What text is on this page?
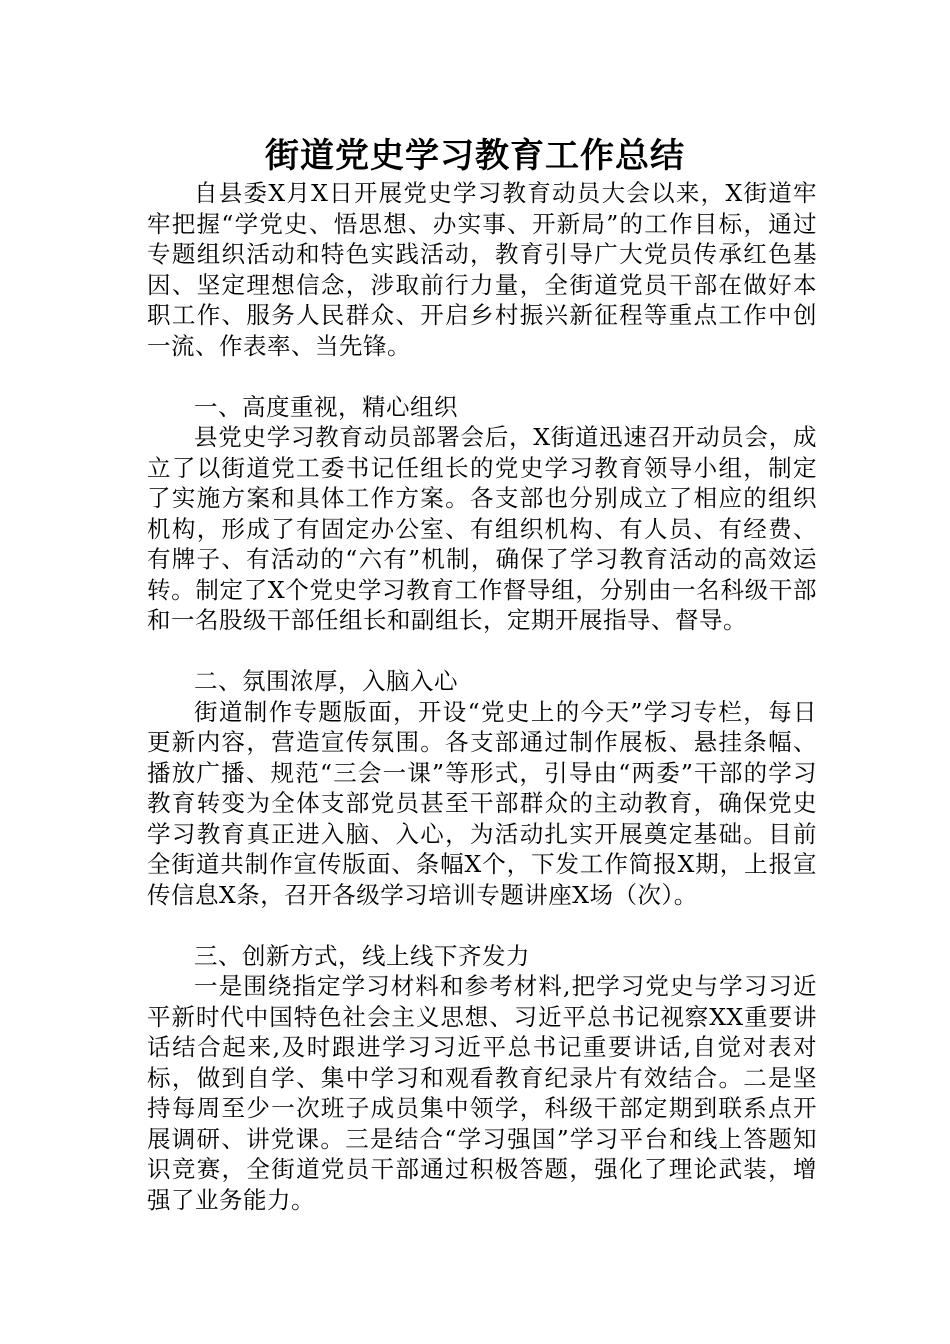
街道党史学习教育工作总结

自县委X月X日开展党史学习教育动员大会以来，X街道牢牢把握“学党史、悟思想、办实事、开新局”的工作目标，通过专题组织活动和特色实践活动，教育引导广大党员传承红色基因、坚定理想信念，涉取前行力量，全街道党员干部在做好本职工作、服务人民群众、开启乡村振兴新征程等重点工作中创一流、作表率、当先锋。

一、高度重视，精心组织

县党史学习教育动员部署会后，X街道迅速召开动员会，成立了以街道党工委书记任组长的党史学习教育领导小组，制定了实施方案和具体工作方案。各支部也分别成立了相应的组织机构，形成了有固定办公室、有组织机构、有人员、有经费、有牌子、有活动的“六有”机制，确保了学习教育活动的高效运转。制定了X个党史学习教育工作督导组，分别由一名科级干部和一名股级干部任组长和副组长，定期开展指导、督导。

二、氛围浓厚，入脑入心

街道制作专题版面，开设“党史上的今天”学习专栏，每日更新内容，营造宣传氛围。各支部通过制作展板、悬挂条幅、播放广播、规范“三会一课”等形式，引导由“两委”干部的学习教育转变为全体支部党员甚至干部群众的主动教育，确保党史学习教育真正进入脑、入心，为活动扎实开展奠定基础。目前全街道共制作宣传版面、条幅X个，下发工作简报X期，上报宣传信息X条，召开各级学习培训专题讲座X场（次）。

三、创新方式，线上线下齐发力

一是围绕指定学习材料和参考材料,把学习党史与学习习近平新时代中国特色社会主义思想、习近平总书记视察XX重要讲话结合起来,及时跟进学习习近平总书记重要讲话,自觉对表对标，做到自学、集中学习和观看教育纪录片有效结合。二是坚持每周至少一次班子成员集中领学，科级干部定期到联系点开展调研、讲党课。三是结合“学习强国”学习平台和线上答题知识竞赛，全街道党员干部通过积极答题，强化了理论武装，增强了业务能力。
